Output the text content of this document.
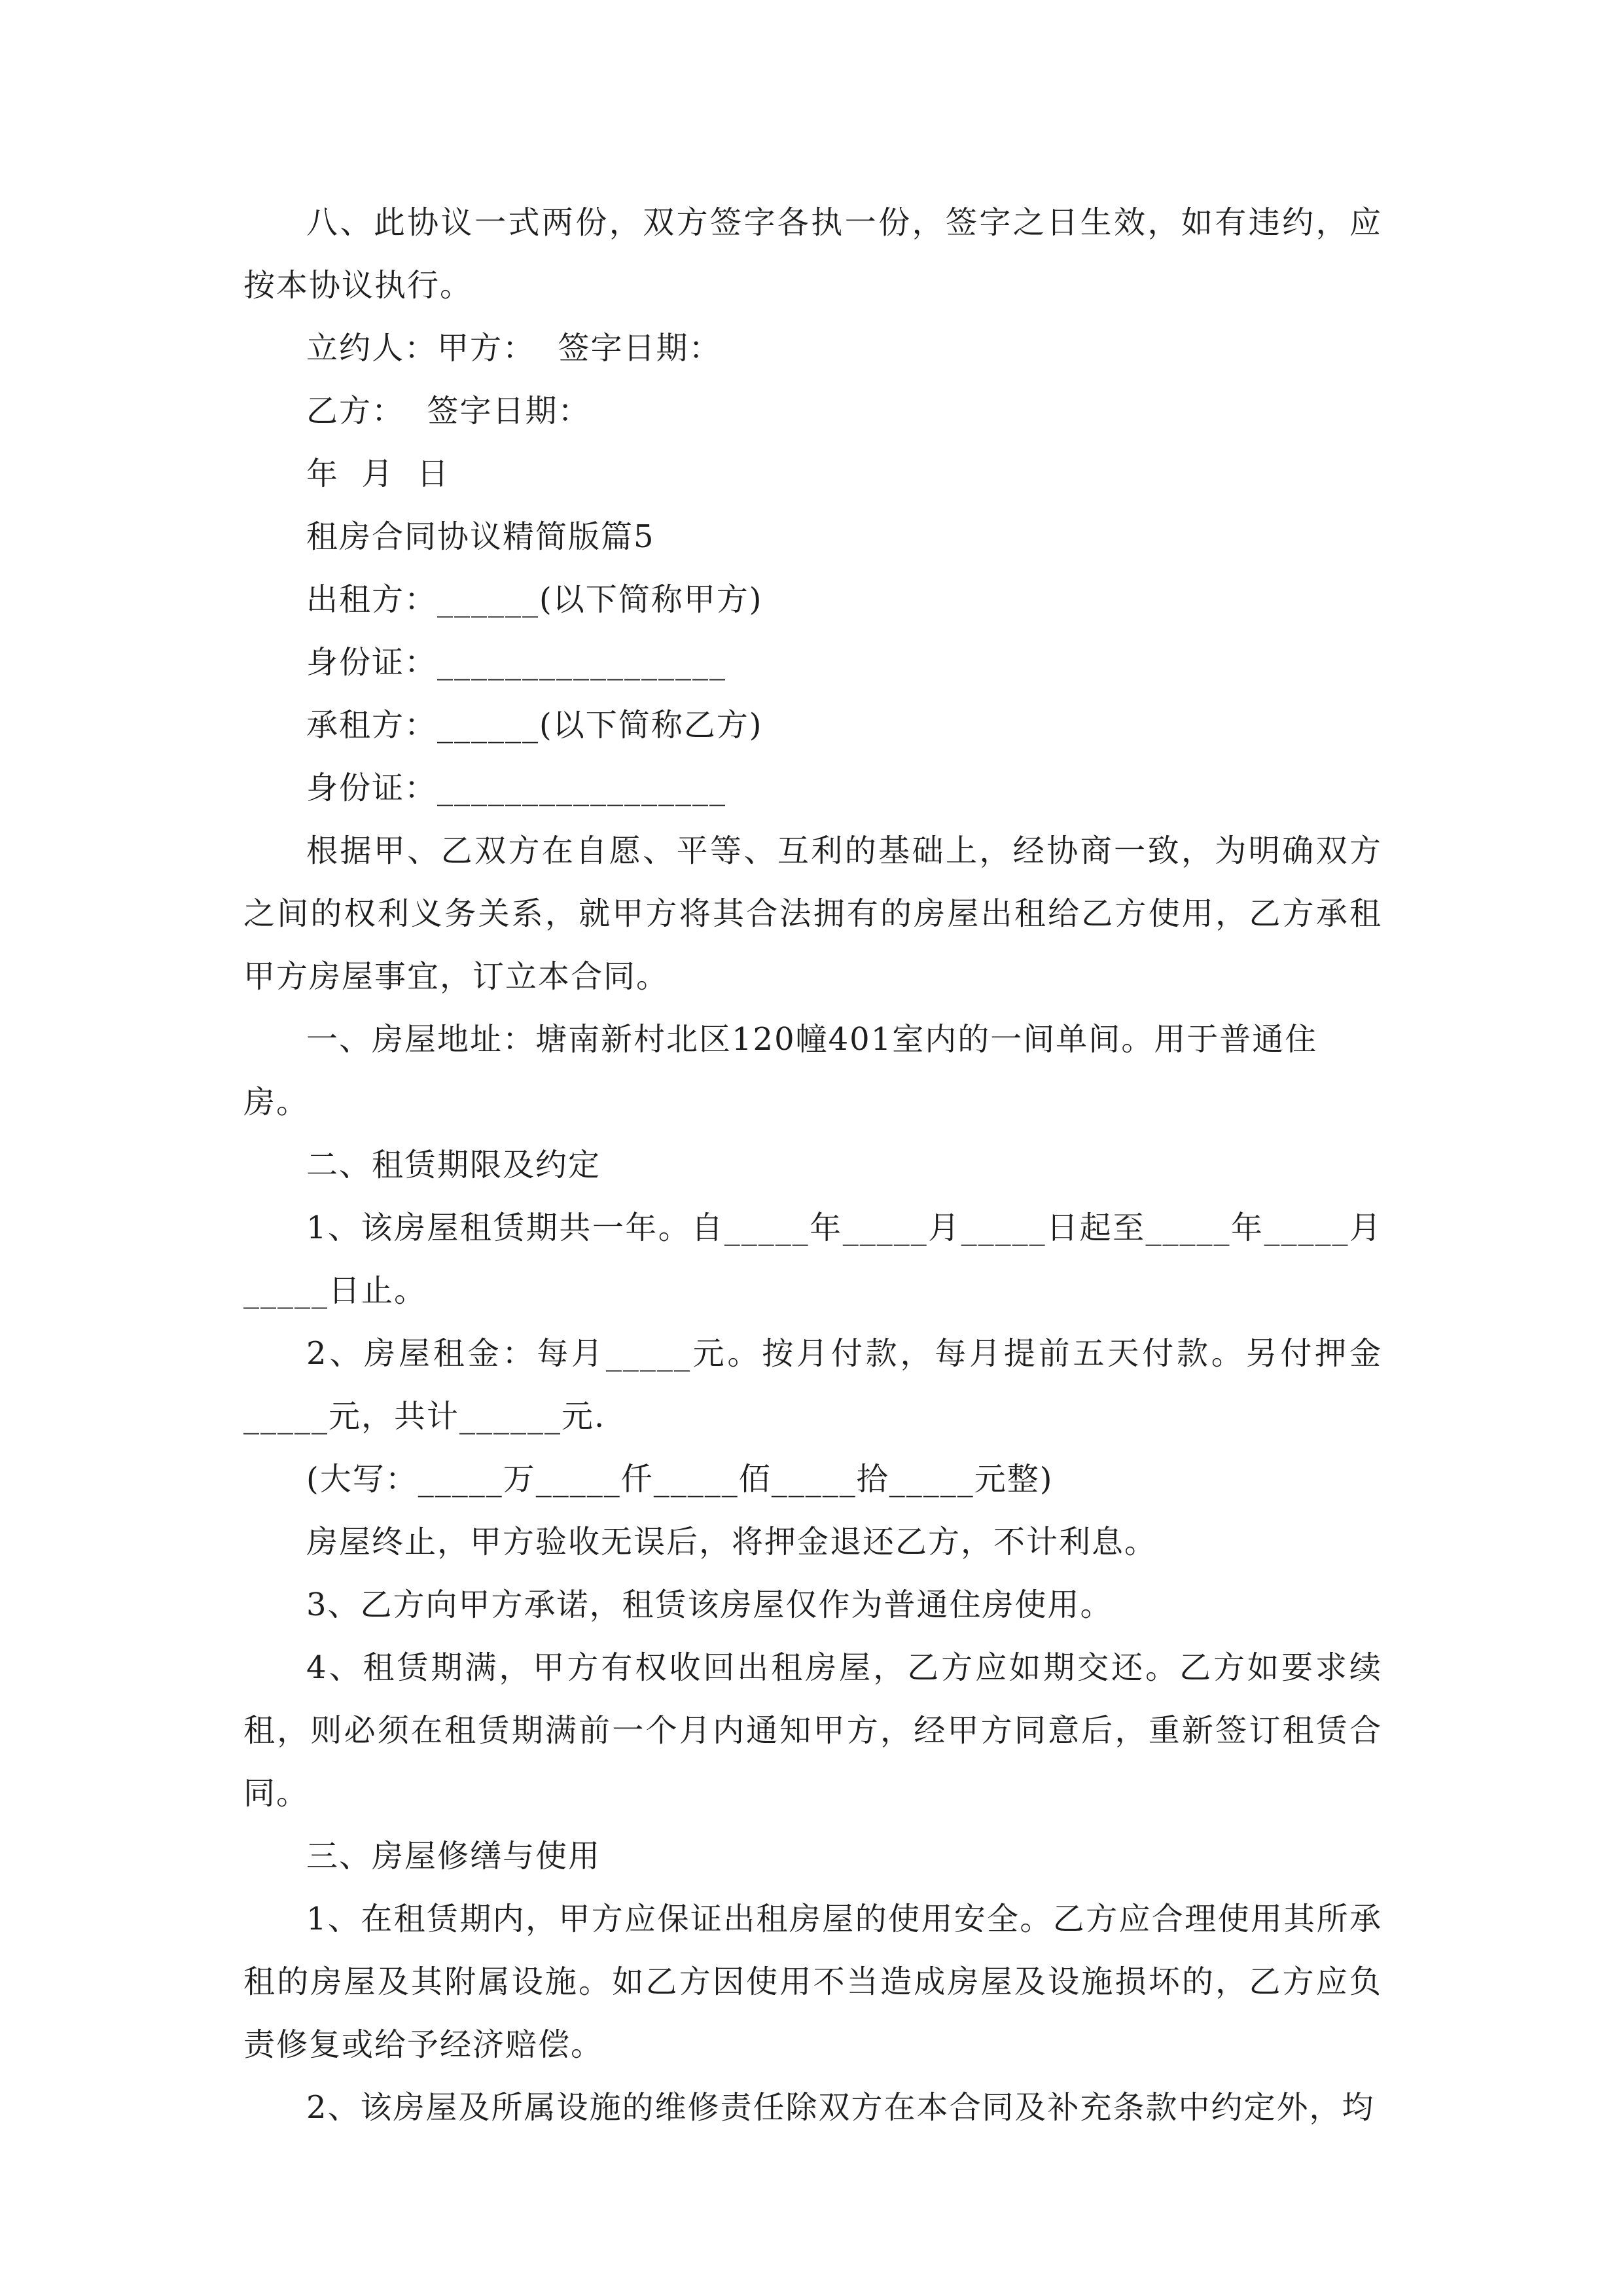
八、此协议一式两份，双方签字各执一份，签字之日生效，如有违约，应按本协议执行。

立约人：甲方：  签字日期：

乙方：  签字日期：

年  月  日

租房合同协议精简版篇5

出租方：______(以下简称甲方)

身份证：_________________

承租方：______(以下简称乙方)

身份证：_________________

根据甲、乙双方在自愿、平等、互利的基础上，经协商一致，为明确双方之间的权利义务关系，就甲方将其合法拥有的房屋出租给乙方使用，乙方承租甲方房屋事宜，订立本合同。

一、房屋地址：塘南新村北区120幢401室内的一间单间。用于普通住房。

二、租赁期限及约定

1、该房屋租赁期共一年。自_____年_____月_____日起至_____年_____月_____日止。

2、房屋租金：每月_____元。按月付款，每月提前五天付款。另付押金_____元，共计______元.

(大写：_____万_____仟_____佰_____拾_____元整)

房屋终止，甲方验收无误后，将押金退还乙方，不计利息。

3、乙方向甲方承诺，租赁该房屋仅作为普通住房使用。

4、租赁期满，甲方有权收回出租房屋，乙方应如期交还。乙方如要求续租，则必须在租赁期满前一个月内通知甲方，经甲方同意后，重新签订租赁合同。

三、房屋修缮与使用

1、在租赁期内，甲方应保证出租房屋的使用安全。乙方应合理使用其所承租的房屋及其附属设施。如乙方因使用不当造成房屋及设施损坏的，乙方应负责修复或给予经济赔偿。

2、该房屋及所属设施的维修责任除双方在本合同及补充条款中约定外，均
